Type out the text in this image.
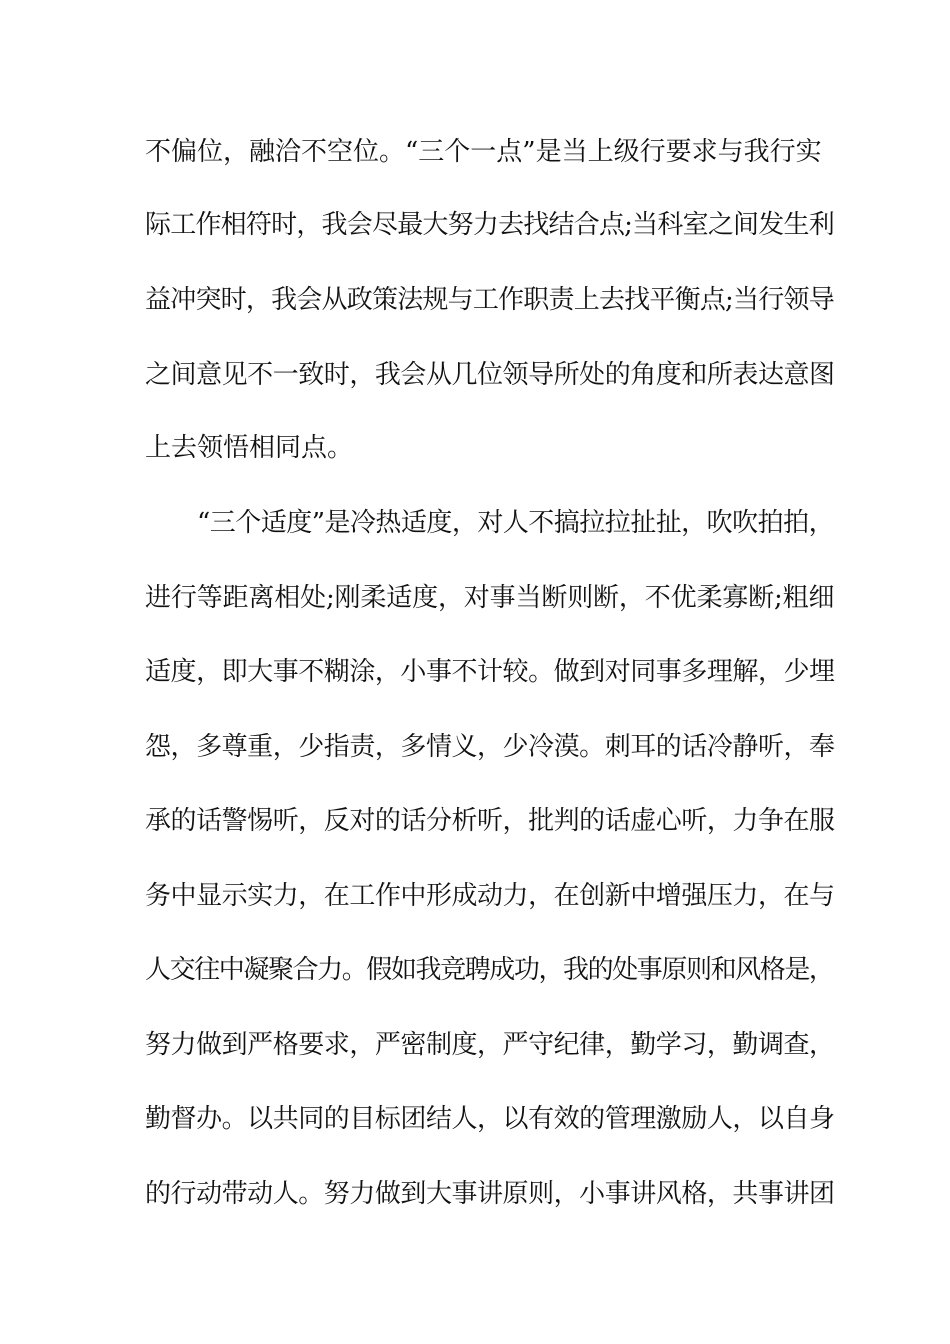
不偏位，融洽不空位。“三个一点”是当上级行要求与我行实
际工作相符时，我会尽最大努力去找结合点;当科室之间发生利
益冲突时，我会从政策法规与工作职责上去找平衡点;当行领导
之间意见不一致时，我会从几位领导所处的角度和所表达意图
上去领悟相同点。
“三个适度”是冷热适度，对人不搞拉拉扯扯，吹吹拍拍，
进行等距离相处;刚柔适度，对事当断则断，不优柔寡断;粗细
适度，即大事不糊涂，小事不计较。做到对同事多理解，少埋
怨，多尊重，少指责，多情义，少冷漠。刺耳的话冷静听，奉
承的话警惕听，反对的话分析听，批判的话虚心听，力争在服
务中显示实力，在工作中形成动力，在创新中增强压力，在与
人交往中凝聚合力。假如我竞聘成功，我的处事原则和风格是，
努力做到严格要求，严密制度，严守纪律，勤学习，勤调查，
勤督办。以共同的目标团结人，以有效的管理激励人，以自身
的行动带动人。努力做到大事讲原则，小事讲风格，共事讲团
